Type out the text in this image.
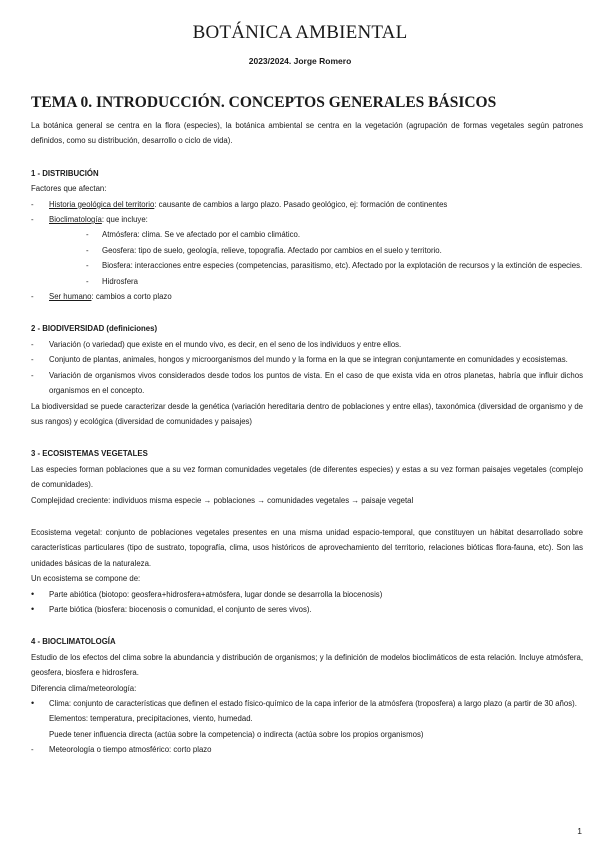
BOTÁNICA AMBIENTAL
2023/2024. Jorge Romero
TEMA 0. INTRODUCCIÓN. CONCEPTOS GENERALES BÁSICOS

La botánica general se centra en la flora (especies), la botánica ambiental se centra en la vegetación (agrupación de formas vegetales según patrones definidos, como su distribución, desarrollo o ciclo de vida).

1 - DISTRIBUCIÓN

Factores que afectan:

- Historia geológica del territorio: causante de cambios a largo plazo. Pasado geológico, ej: formación de continentes
- Bioclimatología: que incluye:
- Atmósfera: clima. Se ve afectado por el cambio climático.
- Geosfera: tipo de suelo, geología, relieve, topografía. Afectado por cambios en el suelo y territorio.
- Biosfera: interacciones entre especies (competencias, parasitismo, etc). Afectado por la explotación de recursos y la extinción de especies.
- Hidrosfera
- Ser humano: cambios a corto plazo

2 - BIODIVERSIDAD (definiciones)

- Variación (o variedad) que existe en el mundo vivo, es decir, en el seno de los individuos y entre ellos.
- Conjunto de plantas, animales, hongos y microorganismos del mundo y la forma en la que se integran conjuntamente en comunidades y ecosistemas.
- Variación de organismos vivos considerados desde todos los puntos de vista. En el caso de que exista vida en otros planetas, habría que influir dichos organismos en el concepto.

La biodiversidad se puede caracterizar desde la genética (variación hereditaria dentro de poblaciones y entre ellas), taxonómica (diversidad de organismo y de sus rangos) y ecológica (diversidad de comunidades y paisajes)

3 - ECOSISTEMAS VEGETALES

Las especies forman poblaciones que a su vez forman comunidades vegetales (de diferentes especies) y estas a su vez forman paisajes vegetales (complejo de comunidades).

Complejidad creciente: individuos misma especie → poblaciones → comunidades vegetales → paisaje vegetal

Ecosistema vegetal: conjunto de poblaciones vegetales presentes en una misma unidad espacio-temporal, que constituyen un hábitat desarrollado sobre características particulares (tipo de sustrato, topografía, clima, usos históricos de aprovechamiento del territorio, relaciones bióticas flora-fauna, etc). Son las unidades básicas de la naturaleza.

Un ecosistema se compone de:

• Parte abiótica (biotopo: geosfera+hidrosfera+atmósfera, lugar donde se desarrolla la biocenosis)
• Parte biótica (biosfera: biocenosis o comunidad, el conjunto de seres vivos).

4 - BIOCLIMATOLOGÍA

Estudio de los efectos del clima sobre la abundancia y distribución de organismos; y la definición de modelos bioclimáticos de esta relación. Incluye atmósfera, geosfera, biosfera e hidrosfera.

Diferencia clima/meteorología:

• Clima: conjunto de características que definen el estado físico-químico de la capa inferior de la atmósfera (troposfera) a largo plazo (a partir de 30 años). Elementos: temperatura, precipitaciones, viento, humedad.
Puede tener influencia directa (actúa sobre la competencia) o indirecta (actúa sobre los propios organismos)
- Meteorología o tiempo atmosférico: corto plazo
1
